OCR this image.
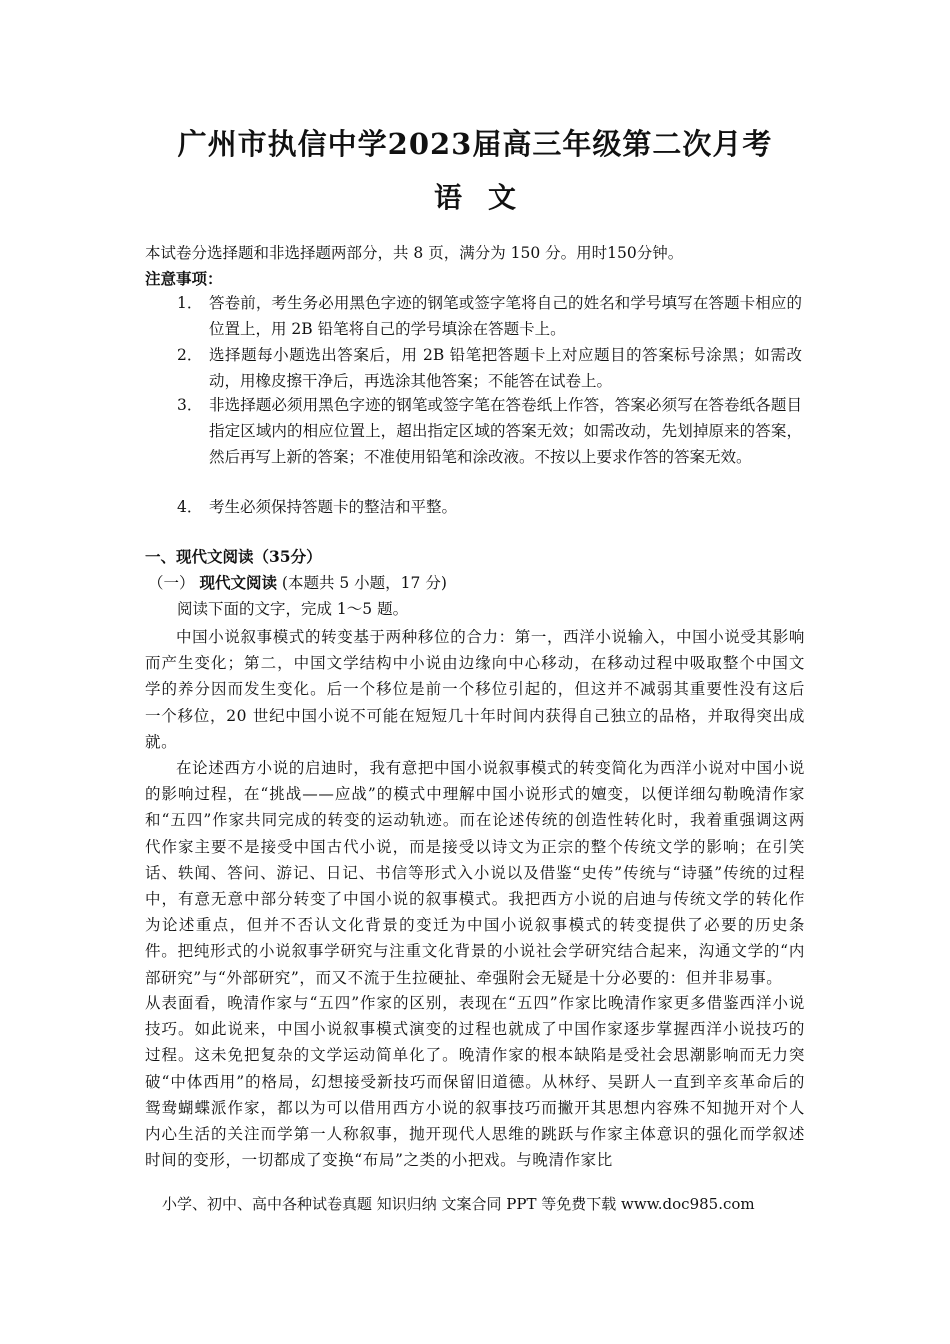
广州市执信中学2023届高三年级第二次月考
语文
本试卷分选择题和非选择题两部分，共 8 页，满分为 150 分。用时150分钟。
注意事项：
1． 答卷前，考生务必用黑色字迹的钢笔或签字笔将自己的姓名和学号填写在答题卡相应的位置上，用 2B 铅笔将自己的学号填涂在答题卡上。
2． 选择题每小题选出答案后，用 2B 铅笔把答题卡上对应题目的答案标号涂黑；如需改动，用橡皮擦干净后，再选涂其他答案；不能答在试卷上。
3． 非选择题必须用黑色字迹的钢笔或签字笔在答卷纸上作答，答案必须写在答卷纸各题目指定区域内的相应位置上，超出指定区域的答案无效；如需改动，先划掉原来的答案，然后再写上新的答案；不准使用铅笔和涂改液。不按以上要求作答的答案无效。
4． 考生必须保持答题卡的整洁和平整。
一、现代文阅读（35分）
（一） 现代文阅读 (本题共 5 小题，17 分)
阅读下面的文字，完成 1～5 题。
中国小说叙事模式的转变基于两种移位的合力：第一，西洋小说输入，中国小说受其影响而产生变化；第二，中国文学结构中小说由边缘向中心移动，在移动过程中吸取整个中国文学的养分因而发生变化。后一个移位是前一个移位引起的，但这并不减弱其重要性没有这后一个移位，20 世纪中国小说不可能在短短几十年时间内获得自己独立的品格，并取得突出成就。
在论述西方小说的启迪时，我有意把中国小说叙事模式的转变简化为西洋小说对中国小说的影响过程，在“挑战——应战”的模式中理解中国小说形式的嬗变，以便详细勾勒晚清作家和“五四”作家共同完成的转变的运动轨迹。而在论述传统的创造性转化时，我着重强调这两代作家主要不是接受中国古代小说，而是接受以诗文为正宗的整个传统文学的影响；在引笑话、轶闻、答问、游记、日记、书信等形式入小说以及借鉴“史传”传统与“诗骚”传统的过程中，有意无意中部分转变了中国小说的叙事模式。我把西方小说的启迪与传统文学的转化作为论述重点，但并不否认文化背景的变迁为中国小说叙事模式的转变提供了必要的历史条件。把纯形式的小说叙事学研究与注重文化背景的小说社会学研究结合起来，沟通文学的“内部研究”与“外部研究”，而又不流于生拉硬扯、牵强附会无疑是十分必要的：但并非易事。
从表面看，晚清作家与“五四”作家的区别，表现在“五四”作家比晚清作家更多借鉴西洋小说技巧。如此说来，中国小说叙事模式演变的过程也就成了中国作家逐步掌握西洋小说技巧的过程。这未免把复杂的文学运动简单化了。晚清作家的根本缺陷是受社会思潮影响而无力突破“中体西用”的格局，幻想接受新技巧而保留旧道德。从林纾、吴趼人一直到辛亥革命后的鸳鸯蝴蝶派作家，都以为可以借用西方小说的叙事技巧而撇开其思想内容殊不知抛开对个人内心生活的关注而学第一人称叙事，抛开现代人思维的跳跃与作家主体意识的强化而学叙述时间的变形，一切都成了变换“布局”之类的小把戏。与晚清作家比
小学、初中、高中各种试卷真题 知识归纳 文案合同 PPT 等免费下载 www.doc985.com
